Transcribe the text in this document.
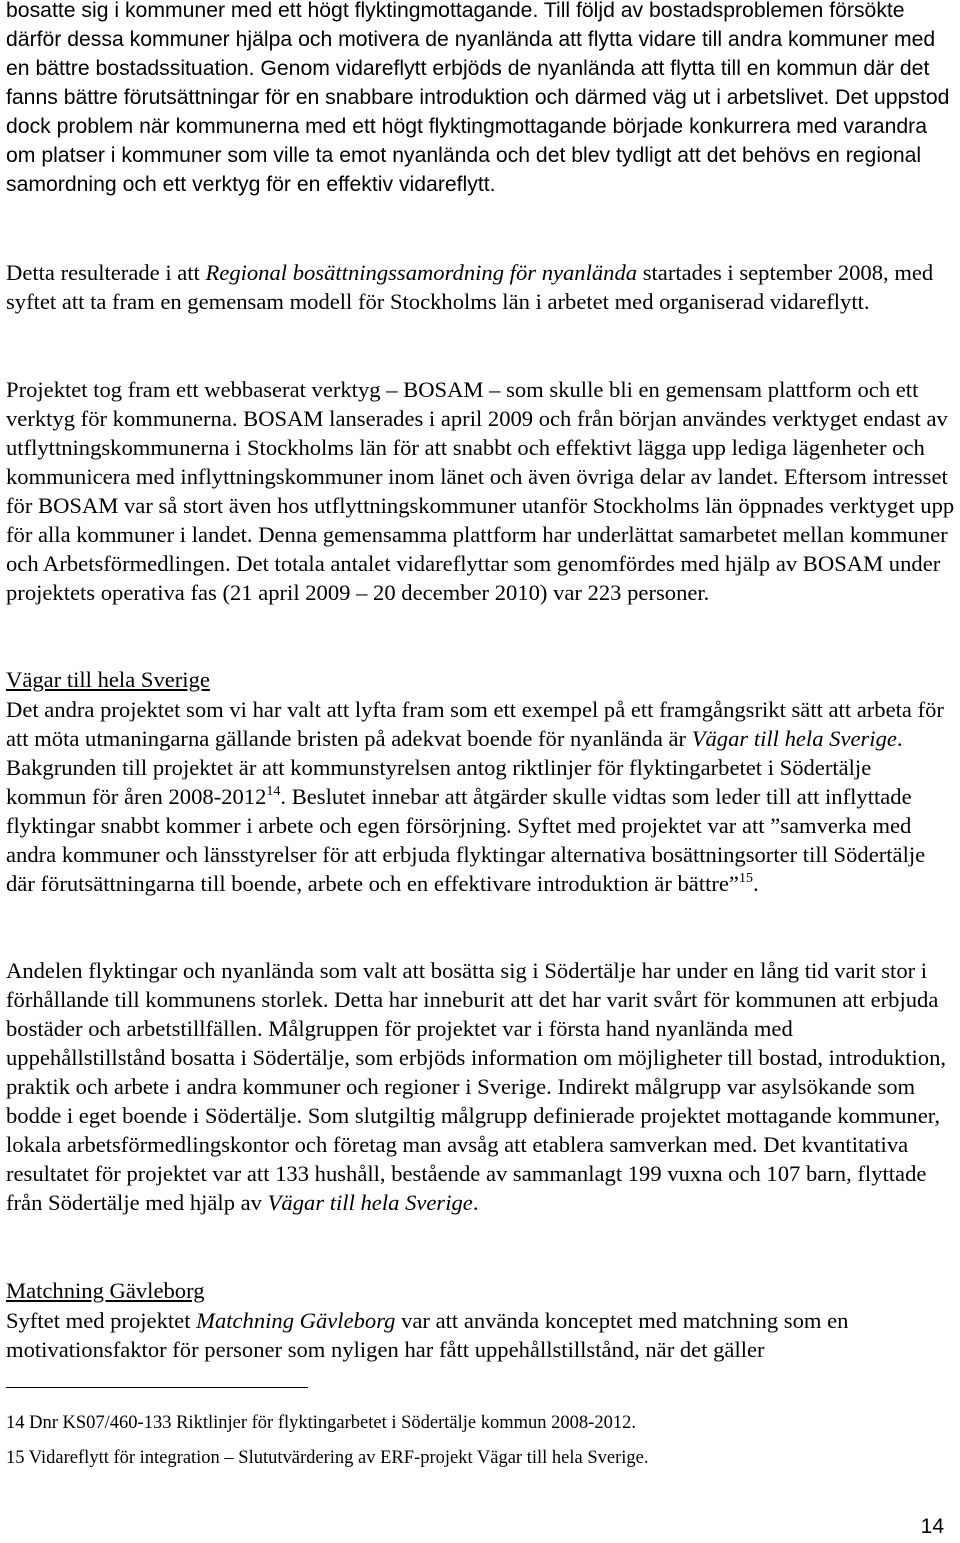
bosatte sig i kommuner med ett högt flyktingmottagande. Till följd av bostadsproblemen försökte därför dessa kommuner hjälpa och motivera de nyanlända att flytta vidare till andra kommuner med en bättre bostadssituation. Genom vidareflytt erbjöds de nyanlända att flytta till en kommun där det fanns bättre förutsättningar för en snabbare introduktion och därmed väg ut i arbetslivet. Det uppstod dock problem när kommunerna med ett högt flyktingmottagande började konkurrera med varandra om platser i kommuner som ville ta emot nyanlända och det blev tydligt att det behövs en regional samordning och ett verktyg för en effektiv vidareflytt.

Detta resulterade i att Regional bosättningssamordning för nyanlända startades i september 2008, med syftet att ta fram en gemensam modell för Stockholms län i arbetet med organiserad vidareflytt.

Projektet tog fram ett webbaserat verktyg – BOSAM – som skulle bli en gemensam plattform och ett verktyg för kommunerna. BOSAM lanserades i april 2009 och från början användes verktyget endast av utflyttningskommunerna i Stockholms län för att snabbt och effektivt lägga upp lediga lägenheter och kommunicera med inflyttningskommuner inom länet och även övriga delar av landet. Eftersom intresset för BOSAM var så stort även hos utflyttningskommuner utanför Stockholms län öppnades verktyget upp för alla kommuner i landet. Denna gemensamma plattform har underlättat samarbetet mellan kommuner och Arbetsförmedlingen. Det totala antalet vidareflyttar som genomfördes med hjälp av BOSAM under projektets operativa fas (21 april 2009 – 20 december 2010) var 223 personer.

Vägar till hela Sverige

Det andra projektet som vi har valt att lyfta fram som ett exempel på ett framgångsrikt sätt att arbeta för att möta utmaningarna gällande bristen på adekvat boende för nyanlända är Vägar till hela Sverige. Bakgrunden till projektet är att kommunstyrelsen antog riktlinjer för flyktingarbetet i Södertälje kommun för åren 2008-2012$^{14}$. Beslutet innebar att åtgärder skulle vidtas som leder till att inflyttade flyktingar snabbt kommer i arbete och egen försörjning. Syftet med projektet var att ”samverka med andra kommuner och länsstyrelser för att erbjuda flyktingar alternativa bosättningsorter till Södertälje där förutsättningarna till boende, arbete och en effektivare introduktion är bättre”$^{15}$.

Andelen flyktingar och nyanlända som valt att bosätta sig i Södertälje har under en lång tid varit stor i förhållande till kommunens storlek. Detta har inneburit att det har varit svårt för kommunen att erbjuda bostäder och arbetstillfällen. Målgruppen för projektet var i första hand nyanlända med uppehållstillstånd bosatta i Södertälje, som erbjöds information om möjligheter till bostad, introduktion, praktik och arbete i andra kommuner och regioner i Sverige. Indirekt målgrupp var asylsökande som bodde i eget boende i Södertälje. Som slutgiltig målgrupp definierade projektet mottagande kommuner, lokala arbetsförmedlingskontor och företag man avsåg att etablera samverkan med. Det kvantitativa resultatet för projektet var att 133 hushåll, bestående av sammanlagt 199 vuxna och 107 barn, flyttade från Södertälje med hjälp av Vägar till hela Sverige.

Matchning Gävleborg

Syftet med projektet Matchning Gävleborg var att använda konceptet med matchning som en motivationsfaktor för personer som nyligen har fått uppehållstillstånd, när det gäller

14 Dnr KS07/460-133 Riktlinjer för flyktingarbetet i Södertälje kommun 2008-2012.

15 Vidareflytt för integration – Slututvärdering av ERF-projekt Vägar till hela Sverige.

14
